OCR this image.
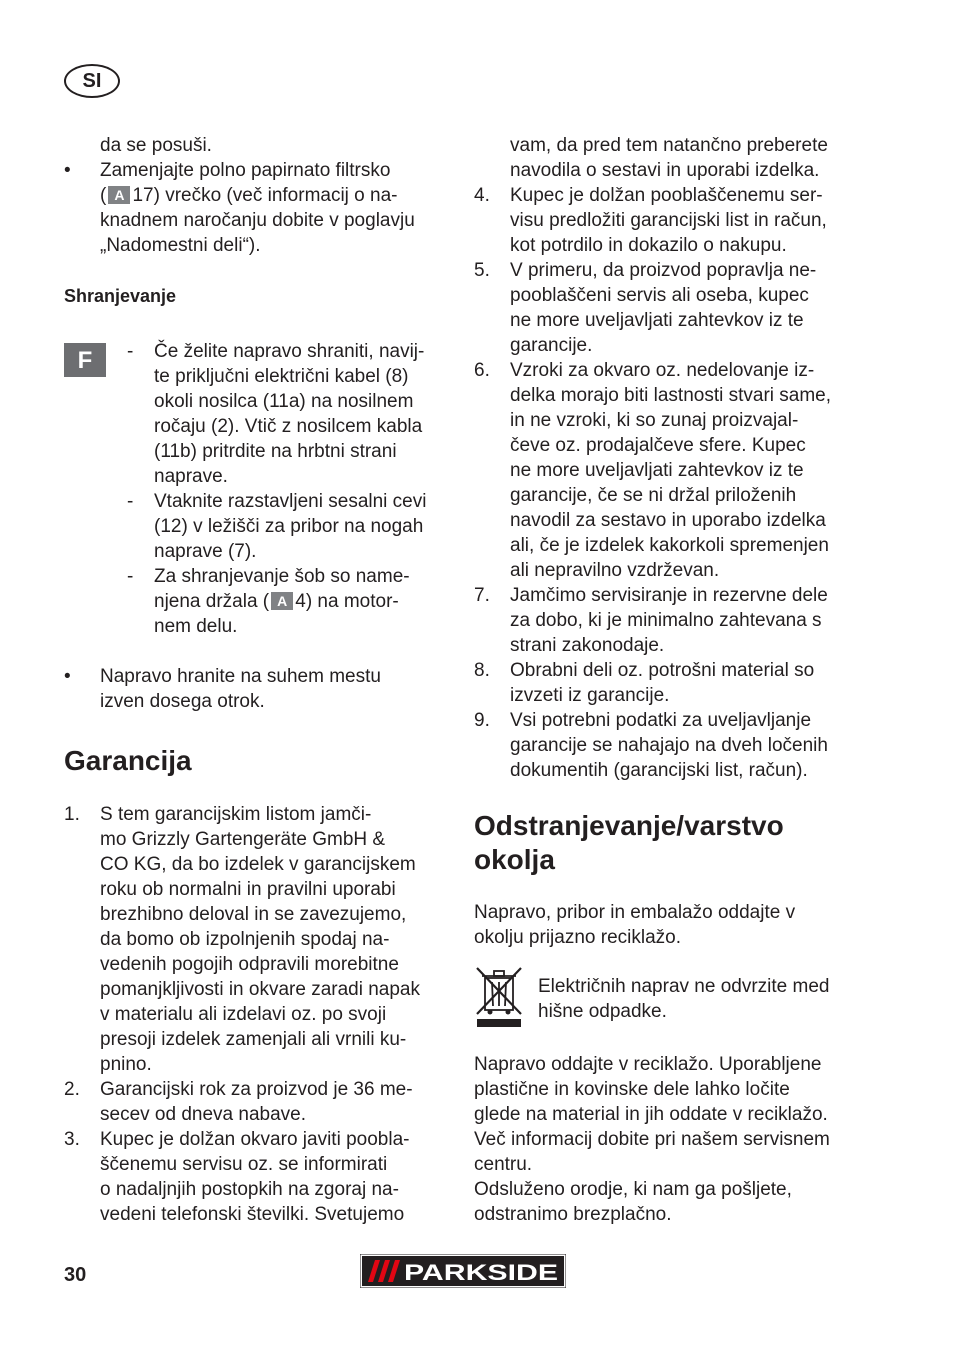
SI
da se posuši.
• Zamenjajte polno papirnato filtrsko
( A 17) vrečko (več informacij o na-
knadnem naročanju dobite v poglavju
„Nadomestni deli“).
Shranjevanje
F	- Če želite napravo shraniti, navij-
te priključni električni kabel (8)
okoli nosilca (11a) na nosilnem
ročaju (2). Vtič z nosilcem kabla
(11b) pritrdite na hrbtni strani
napravе.
- Vtaknite razstavljeni sesalni cevi
(12) v ležišči za pribor na nogah
naprave (7).
- Za shranjevanje šob so name-
njena držala ( A 4) na motor-
nem delu.
• Napravo hranite na suhem mestu
izven dosega otrok.
Garancija
1. S tem garancijskim listom jamči-
mo Grizzly Gartengeräte GmbH &
CO KG, da bo izdelek v garancijskem
roku ob normalni in pravilni uporabi
brezhibno deloval in se zavezujemo,
da bomo ob izpolnjenih spodaj na-
vedenih pogojih odpravili morebitne
pomanjkljivosti in okvare zaradi napak
v materialu ali izdelavi oz. po svoji
presoji izdelek zamenjali ali vrnili ku-
pnino.
2. Garancijski rok za proizvod je 36 me-
secev od dneva nabave.
3. Kupec je dolžan okvaro javiti poobla-
ščenemu servisu oz. se informirati
o nadaljnjih postopkih na zgoraj na-
vedeni telefonski številki. Svetujemo
vam, da pred tem natančno preberete
navodila o sestavi in uporabi izdelka.
4. Kupec je dolžan pooblaščenemu ser-
visu predložiti garancijski list in račun,
kot potrdilo in dokazilo o nakupu.
5. V primeru, da proizvod popravlja ne-
pooblaščeni servis ali oseba, kupec
ne more uveljavljati zahtevkov iz te
garancije.
6. Vzroki za okvaro oz. nedelovanje iz-
delka morajo biti lastnosti stvari same,
in ne vzroki, ki so zunaj proizvajal-
čeve oz. prodajalčeve sfere. Kupec
ne more uveljavljati zahtevkov iz te
garancije, če se ni držal priloženih
navodil za sestavo in uporabo izdelka
ali, če je izdelek kakorkoli spremenjen
ali nepravilno vzdrževan.
7. Jamčimo servisiranje in rezervne dele
za dobo, ki je minimalno zahtevana s
strani zakonodaje.
8. Obrabni deli oz. potrošni material so
izvzeti iz garancije.
9. Vsi potrebni podatki za uveljavljanje
garancije se nahajajo na dveh ločenih
dokumentih (garancijski list, račun).
Odstranjevanje/varstvo
okolja
Napravo, pribor in embalažo oddajte v
okolju prijazno reciklažo.
Električnih naprav ne odvrzite med
hišne odpadke.
Napravo oddajte v reciklažo. Uporabljene
plastične in kovinske dele lahko ločite
glede na material in jih oddate v reciklažo.
Več informacij dobite pri našem servisnem
centru.
Odsluženo orodje, ki nam ga pošljete,
odstranimo brezplačno.
30	PARKSIDE
